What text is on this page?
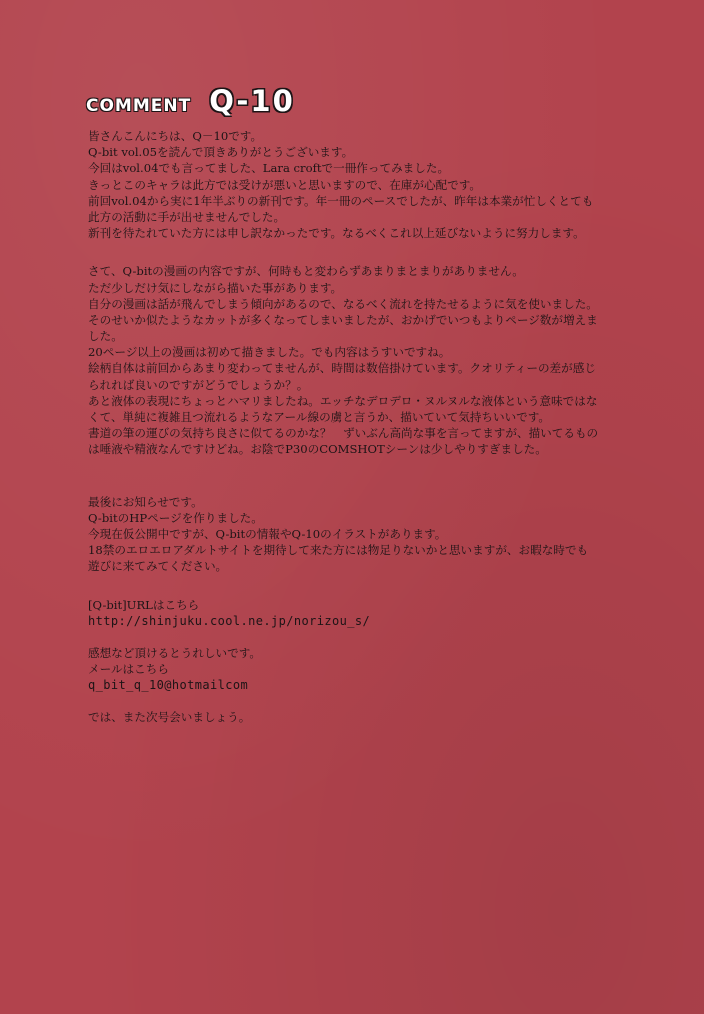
COMMENT Q-10
皆さんこんにちは、Q－10です。
Q-bit vol.05を読んで頂きありがとうございます。
今回はvol.04でも言ってました、Lara croftで一冊作ってみました。
きっとこのキャラは此方では受けが悪いと思いますので、在庫が心配です。
前回vol.04から実に1年半ぶりの新刊です。年一冊のペースでしたが、昨年は本業が忙しくとても
此方の活動に手が出せませんでした。
新刊を待たれていた方には申し訳なかったです。なるべくこれ以上延びないように努力します。
さて、Q-bitの漫画の内容ですが、何時もと変わらずあまりまとまりがありません。
ただ少しだけ気にしながら描いた事があります。
自分の漫画は話が飛んでしまう傾向があるので、なるべく流れを持たせるように気を使いました。
そのせいか似たようなカットが多くなってしまいましたが、おかげでいつもよりページ数が増えま
した。
20ページ以上の漫画は初めて描きました。でも内容はうすいですね。
絵柄自体は前回からあまり変わってませんが、時間は数倍掛けています。クオリティーの差が感じ
られれば良いのですがどうでしょうか？。
あと液体の表現にちょっとハマリましたね。エッチなデロデロ・ヌルヌルな液体という意味ではな
くて、単純に複雑且つ流れるようなアール線の虜と言うか、描いていて気持ちいいです。
書道の筆の運びの気持ち良さに似てるのかな？　ずいぶん高尚な事を言ってますが、描いてるもの
は唾液や精液なんですけどね。お陰でP30のCOMSHOTシーンは少しやりすぎました。
最後にお知らせです。
Q-bitのHPページを作りました。
今現在仮公開中ですが、Q-bitの情報やQ-10のイラストがあります。
18禁のエロエロアダルトサイトを期待して来た方には物足りないかと思いますが、お暇な時でも
遊びに来てみてください。
[Q-bit]URLはこちら
http://shinjuku.cool.ne.jp/norizou_s/
感想など頂けるとうれしいです。
メールはこちら
q_bit_q_10@hotmailcom
では、また次号会いましょう。
